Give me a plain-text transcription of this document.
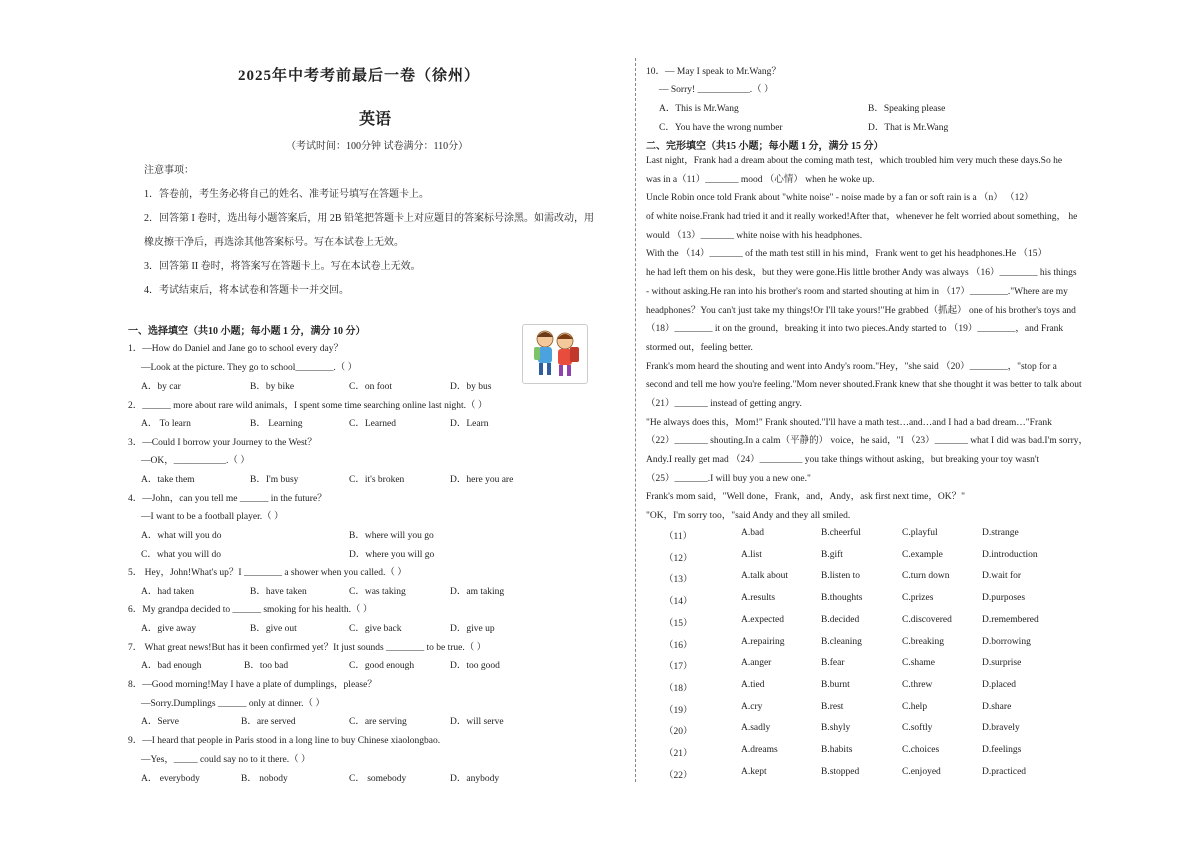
2025年中考考前最后一卷（徐州）
英语
（考试时间：100分钟 试卷满分：110分）
注意事项：
1．答卷前，考生务必将自己的姓名、准考证号填写在答题卡上。
2．回答第 I 卷时，选出每小题答案后，用 2B 铅笔把答题卡上对应题目的答案标号涂黑。如需改动，用
橡皮擦干净后，再选涂其他答案标号。写在本试卷上无效。
3．回答第 II 卷时，将答案写在答题卡上。写在本试卷上无效。
4．考试结束后，将本试卷和答题卡一并交回。
一、选择填空（共10 小题；每小题 1 分，满分 10 分）
1．—How do Daniel and Jane go to school every day？
—Look at the picture. They go to school________.（ ）
A．by car	B．by bike	C．on foot	D．by bus
2．______ more about rare wild animals，I spent some time searching online last night.（ ）
A． To learn	B． Learning	C．Learned	D．Learn
3．—Could I borrow your Journey to the West？
—OK，___________.（ ）
A．take them	B．I'm busy	C．it's broken	D．here you are
4．—John，can you tell me ______ in the future？
—I want to be a football player.（ ）
A．what will you do	B．where will you go
C．what you will do	D．where you will go
5． Hey，John!What's up？I ________ a shower when you called.（ ）
A．had taken	B．have taken	C．was taking	D．am taking
6．My grandpa decided to ______ smoking for his health.（ ）
A．give away	B．give out	C．give back	D．give up
7． What great news!But has it been confirmed yet？It just sounds ________ to be true.（ ）
A．bad enough	B．too bad	C．good enough	D．too good
8．—Good morning!May I have a plate of dumplings，please？
—Sorry.Dumplings ______ only at dinner.（ ）
A．Serve	B．are served	C．are serving	D．will serve
9．—I heard that people in Paris stood in a long line to buy Chinese xiaolongbao.
—Yes，_____ could say no to it there.（ ）
A． everybody	B． nobody	C． somebody	D．anybody
10．— May I speak to Mr.Wang？
— Sorry! ___________.（ ）
A．This is Mr.Wang	B．Speaking please
C．You have the wrong number	D．That is Mr.Wang
二、完形填空（共15 小题；每小题 1 分，满分 15 分）
Last night，Frank had a dream about the coming math test，which troubled him very much these days.So he
was in a（11）_______ mood （心情） when he woke up.
Uncle Robin once told Frank about "white noise" - noise made by a fan or soft rain is a （n） （12）
of white noise.Frank had tried it and it really worked!After that，whenever he felt worried about something， he
would （13）_______ white noise with his headphones.
With the （14）_______ of the math test still in his mind，Frank went to get his headphones.He （15）
he had left them on his desk，but they were gone.His little brother Andy was always （16）________ his things
- without asking.He ran into his brother's room and started shouting at him in （17）________."Where are my
headphones？You can't just take my things!Or I'll take yours!"He grabbed（抓起） one of his brother's toys and
（18）________ it on the ground，breaking it into two pieces.Andy started to （19）________，and Frank
stormed out，feeling better.
Frank's mom heard the shouting and went into Andy's room."Hey，"she said （20）________，"stop for a
second and tell me how you're feeling."Mom never shouted.Frank knew that she thought it was better to talk about
（21）_______ instead of getting angry.
"He always does this，Mom!" Frank shouted."I'll have a math test…and…and I had a bad dream…"Frank
（22）_______ shouting.In a calm（平静的） voice，he said，"I （23）_______ what I did was bad.I'm sorry，
Andy.I really get mad （24）_________ you take things without asking，but breaking your toy wasn't
（25）_______.I will buy you a new one."
Frank's mom said，"Well done，Frank，and，Andy，ask first next time，OK？"
"OK，I'm sorry too，"said Andy and they all smiled.
（11）	A.bad	B.cheerful	C.playful	D.strange
（12）	A.list	B.gift	C.example	D.introduction
（13）	A.talk about	B.listen to	C.turn down	D.wait for
（14）	A.results	B.thoughts	C.prizes	D.purposes
（15）	A.expected	B.decided	C.discovered	D.remembered
（16）	A.repairing	B.cleaning	C.breaking	D.borrowing
（17）	A.anger	B.fear	C.shame	D.surprise
（18）	A.tied	B.burnt	C.threw	D.placed
（19）	A.cry	B.rest	C.help	D.share
（20）	A.sadly	B.shyly	C.softly	D.bravely
（21）	A.dreams	B.habits	C.choices	D.feelings
（22）	A.kept	B.stopped	C.enjoyed	D.practiced
